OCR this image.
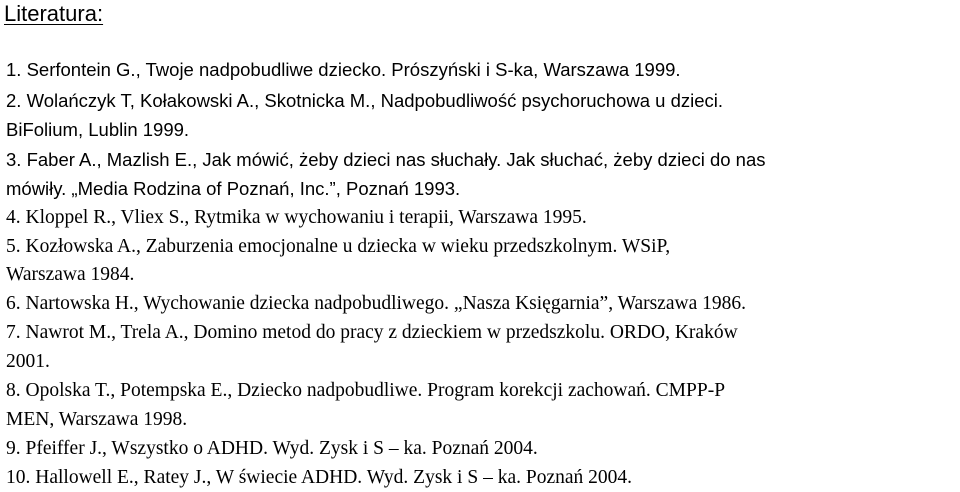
Literatura:

1. Serfontein G., Twoje nadpobudliwe dziecko. Prószyński i S-ka, Warszawa 1999.

2. Wolańczyk T, Kołakowski A., Skotnicka M., Nadpobudliwość psychoruchowa u dzieci.

BiFolium, Lublin 1999.

3. Faber A., Mazlish E., Jak mówić, żeby dzieci nas słuchały. Jak słuchać, żeby dzieci do nas

mówiły. „Media Rodzina of Poznań, Inc.”, Poznań 1993.

4. Kloppel R., Vliex S., Rytmika w wychowaniu i terapii, Warszawa 1995.

5. Kozłowska A., Zaburzenia emocjonalne u dziecka w wieku przedszkolnym. WSiP,

Warszawa 1984.

6. Nartowska H., Wychowanie dziecka nadpobudliwego. „Nasza Księgarnia”, Warszawa 1986.

7. Nawrot M., Trela A., Domino metod do pracy z dzieckiem w przedszkolu. ORDO, Kraków

2001.

8. Opolska T., Potempska E., Dziecko nadpobudliwe. Program korekcji zachowań. CMPP-P

MEN, Warszawa 1998.

9. Pfeiffer J., Wszystko o ADHD. Wyd. Zysk i S – ka. Poznań 2004.

10. Hallowell E., Ratey J., W świecie ADHD. Wyd. Zysk i S – ka. Poznań 2004.
